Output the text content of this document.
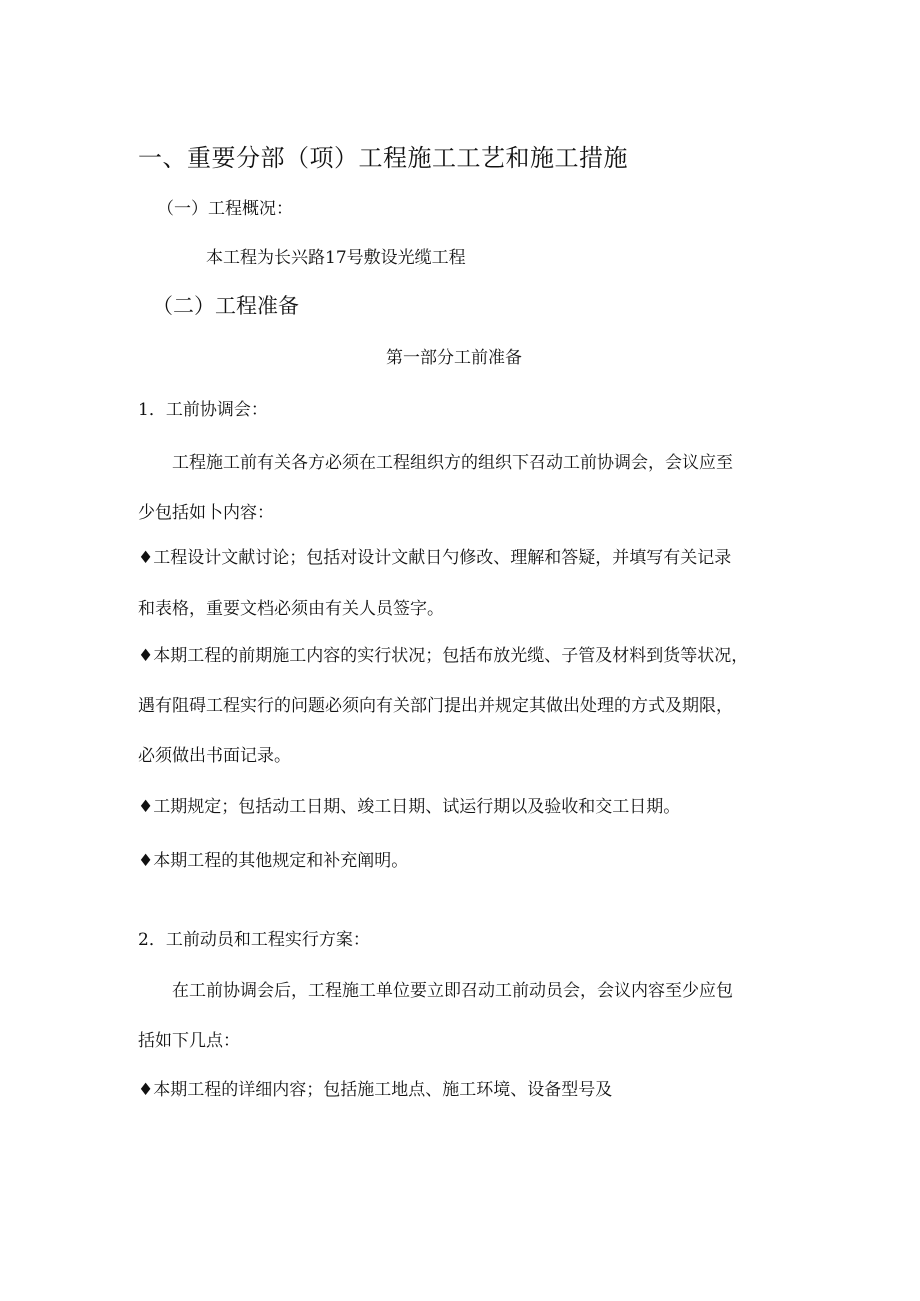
一、重要分部（项）工程施工工艺和施工措施
（一）工程概况：
本工程为长兴路17号敷设光缆工程
（二）工程准备
第一部分工前准备
1．工前协调会：
工程施工前有关各方必须在工程组织方的组织下召动工前协调会，会议应至
少包括如卜内容：
♦工程设计文献讨论；包括对设计文献日勺修改、理解和答疑，并填写有关记录
和表格，重要文档必须由有关人员签字。
♦本期工程的前期施工内容的实行状况；包括布放光缆、子管及材料到货等状况，
遇有阻碍工程实行的问题必须向有关部门提出并规定其做出处理的方式及期限，
必须做出书面记录。
♦工期规定；包括动工日期、竣工日期、试运行期以及验收和交工日期。
♦本期工程的其他规定和补充阐明。
2．工前动员和工程实行方案：
在工前协调会后，工程施工单位要立即召动工前动员会，会议内容至少应包
括如下几点：
♦本期工程的详细内容；包括施工地点、施工环境、设备型号及
